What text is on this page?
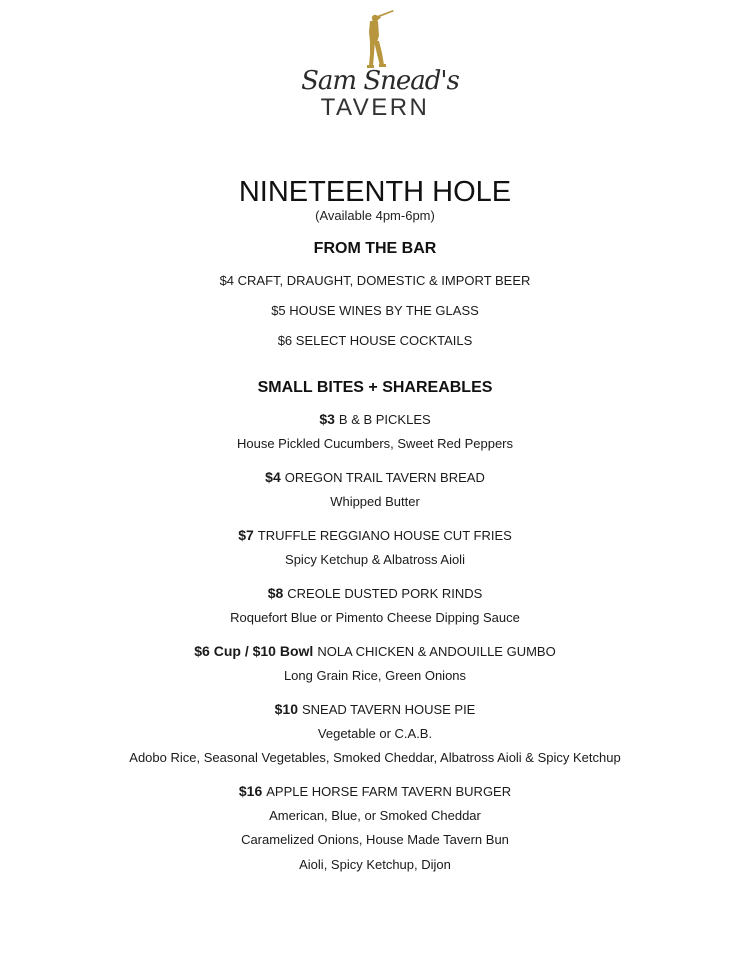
Sam Snead's
TAVERN
NINETEENTH HOLE
(Available 4pm-6pm)
FROM THE BAR
$4 CRAFT, DRAUGHT, DOMESTIC & IMPORT BEER
$5 HOUSE WINES BY THE GLASS
$6 SELECT HOUSE COCKTAILS
SMALL BITES + SHAREABLES
$3 B & B PICKLES
House Pickled Cucumbers, Sweet Red Peppers
$4 OREGON TRAIL TAVERN BREAD
Whipped Butter
$7 TRUFFLE REGGIANO HOUSE CUT FRIES
Spicy Ketchup & Albatross Aioli
$8 CREOLE DUSTED PORK RINDS
Roquefort Blue or Pimento Cheese Dipping Sauce
$6 Cup / $10 Bowl NOLA CHICKEN & ANDOUILLE GUMBO
Long Grain Rice, Green Onions
$10 SNEAD TAVERN HOUSE PIE
Vegetable or C.A.B.
Adobo Rice, Seasonal Vegetables, Smoked Cheddar, Albatross Aioli & Spicy Ketchup
$16 APPLE HORSE FARM TAVERN BURGER
American, Blue, or Smoked Cheddar
Caramelized Onions, House Made Tavern Bun
Aioli, Spicy Ketchup, Dijon
